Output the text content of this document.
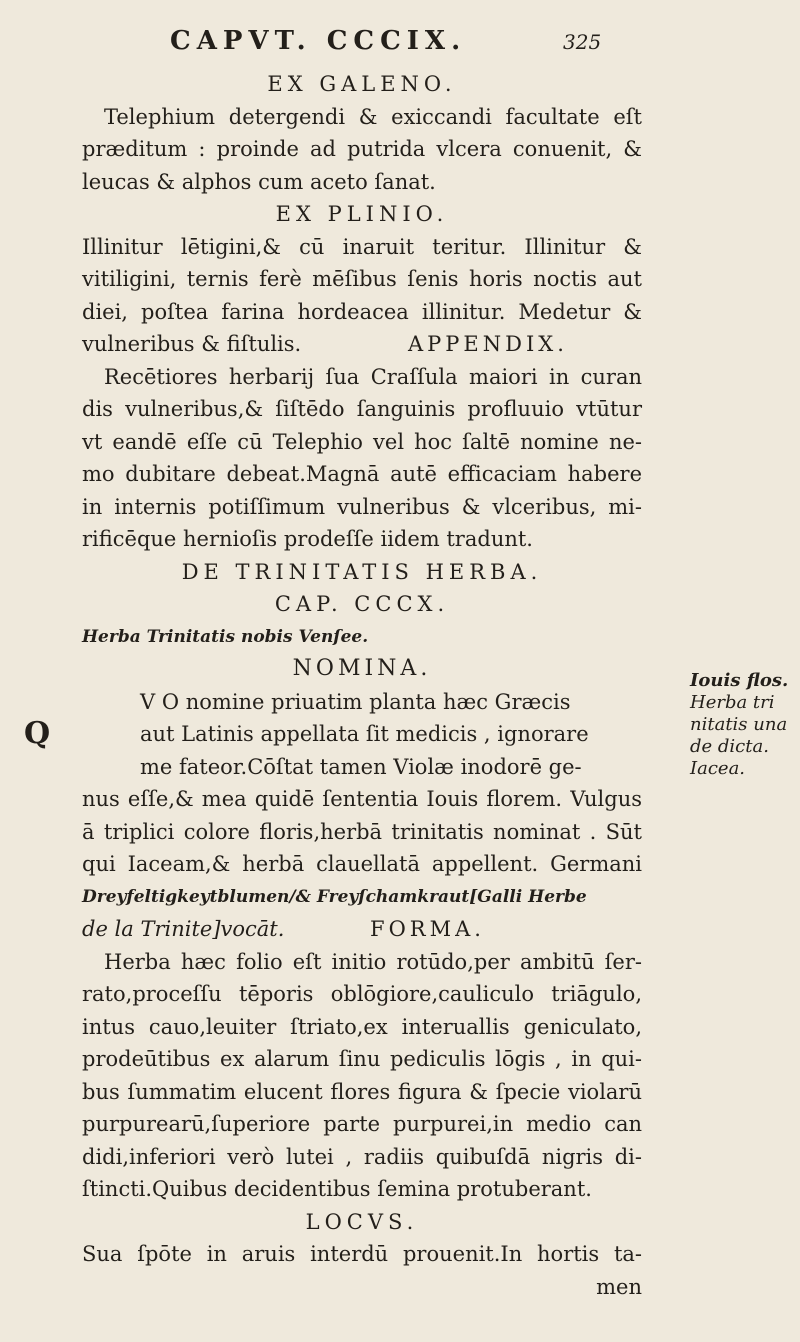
CAPVT. CCCIX.	325
EX GALENO.
Telephium detergendi & exiccandi facultate eſt
præditum : proinde ad putrida vlcera conuenit, &
leucas & alphos cum aceto ſanat.
EX PLINIO.
Illinitur lētigini,& cū inaruit teritur. Illinitur &
vitiligini, ternis ferè mēſibus ſenis horis noctis aut
diei, poſtea farina hordeacea illinitur. Medetur &
vulneribus & fiſtulis.	APPENDIX.
Recētiores herbarij ſua Craſſula maiori in curan
dis vulneribus,& ſiſtēdo ſanguinis profluuio vtūtur
vt eandē eſſe cū Telephio vel hoc ſaltē nomine ne-
mo dubitare debeat.Magnā autē efficaciam habere
in internis potiſſimum vulneribus & vlceribus, mi-
rificēque hernioſis prodeſſe iidem tradunt.
DE TRINITATIS HERBA.
CAP. CCCX.
Herba Trinitatis nobis Venſee.
NOMINA.
V O nomine priuatim planta hæc Græcis
Q	aut Latinis appellata ſit medicis , ignorare
me fateor.Cōſtat tamen Violæ inodorē ge-
nus eſſe,& mea quidē ſententia Iouis florem. Vulgus
ā triplici colore floris,herbā trinitatis nominat . Sūt
qui Iaceam,& herbā clauellatā appellent. Germani
Dreyfeltigkeytblumen/& Freyſchamkraut[Galli Herbe
de la Trinite]vocāt.	FORMA.
Herba hæc folio eſt initio rotūdo,per ambitū ſer-
rato,proceſſu tēporis oblōgiore,cauliculo triāgulo,
intus cauo,leuiter ſtriato,ex interuallis geniculato,
prodeūtibus ex alarum ſinu pediculis lōgis , in qui-
bus ſummatim elucent flores figura & ſpecie violarū
purpurearū,ſuperiore parte purpurei,in medio can
didi,inferiori verò lutei , radiis quibuſdā nigris di-
ſtincti.Quibus decidentibus ſemina protuberant.
LOCVS.
Sua ſpōte in aruis interdū prouenit.In hortis ta-
men
Iouis flos.
Herba tri
nitatis una
de dicta.
Iacea.
